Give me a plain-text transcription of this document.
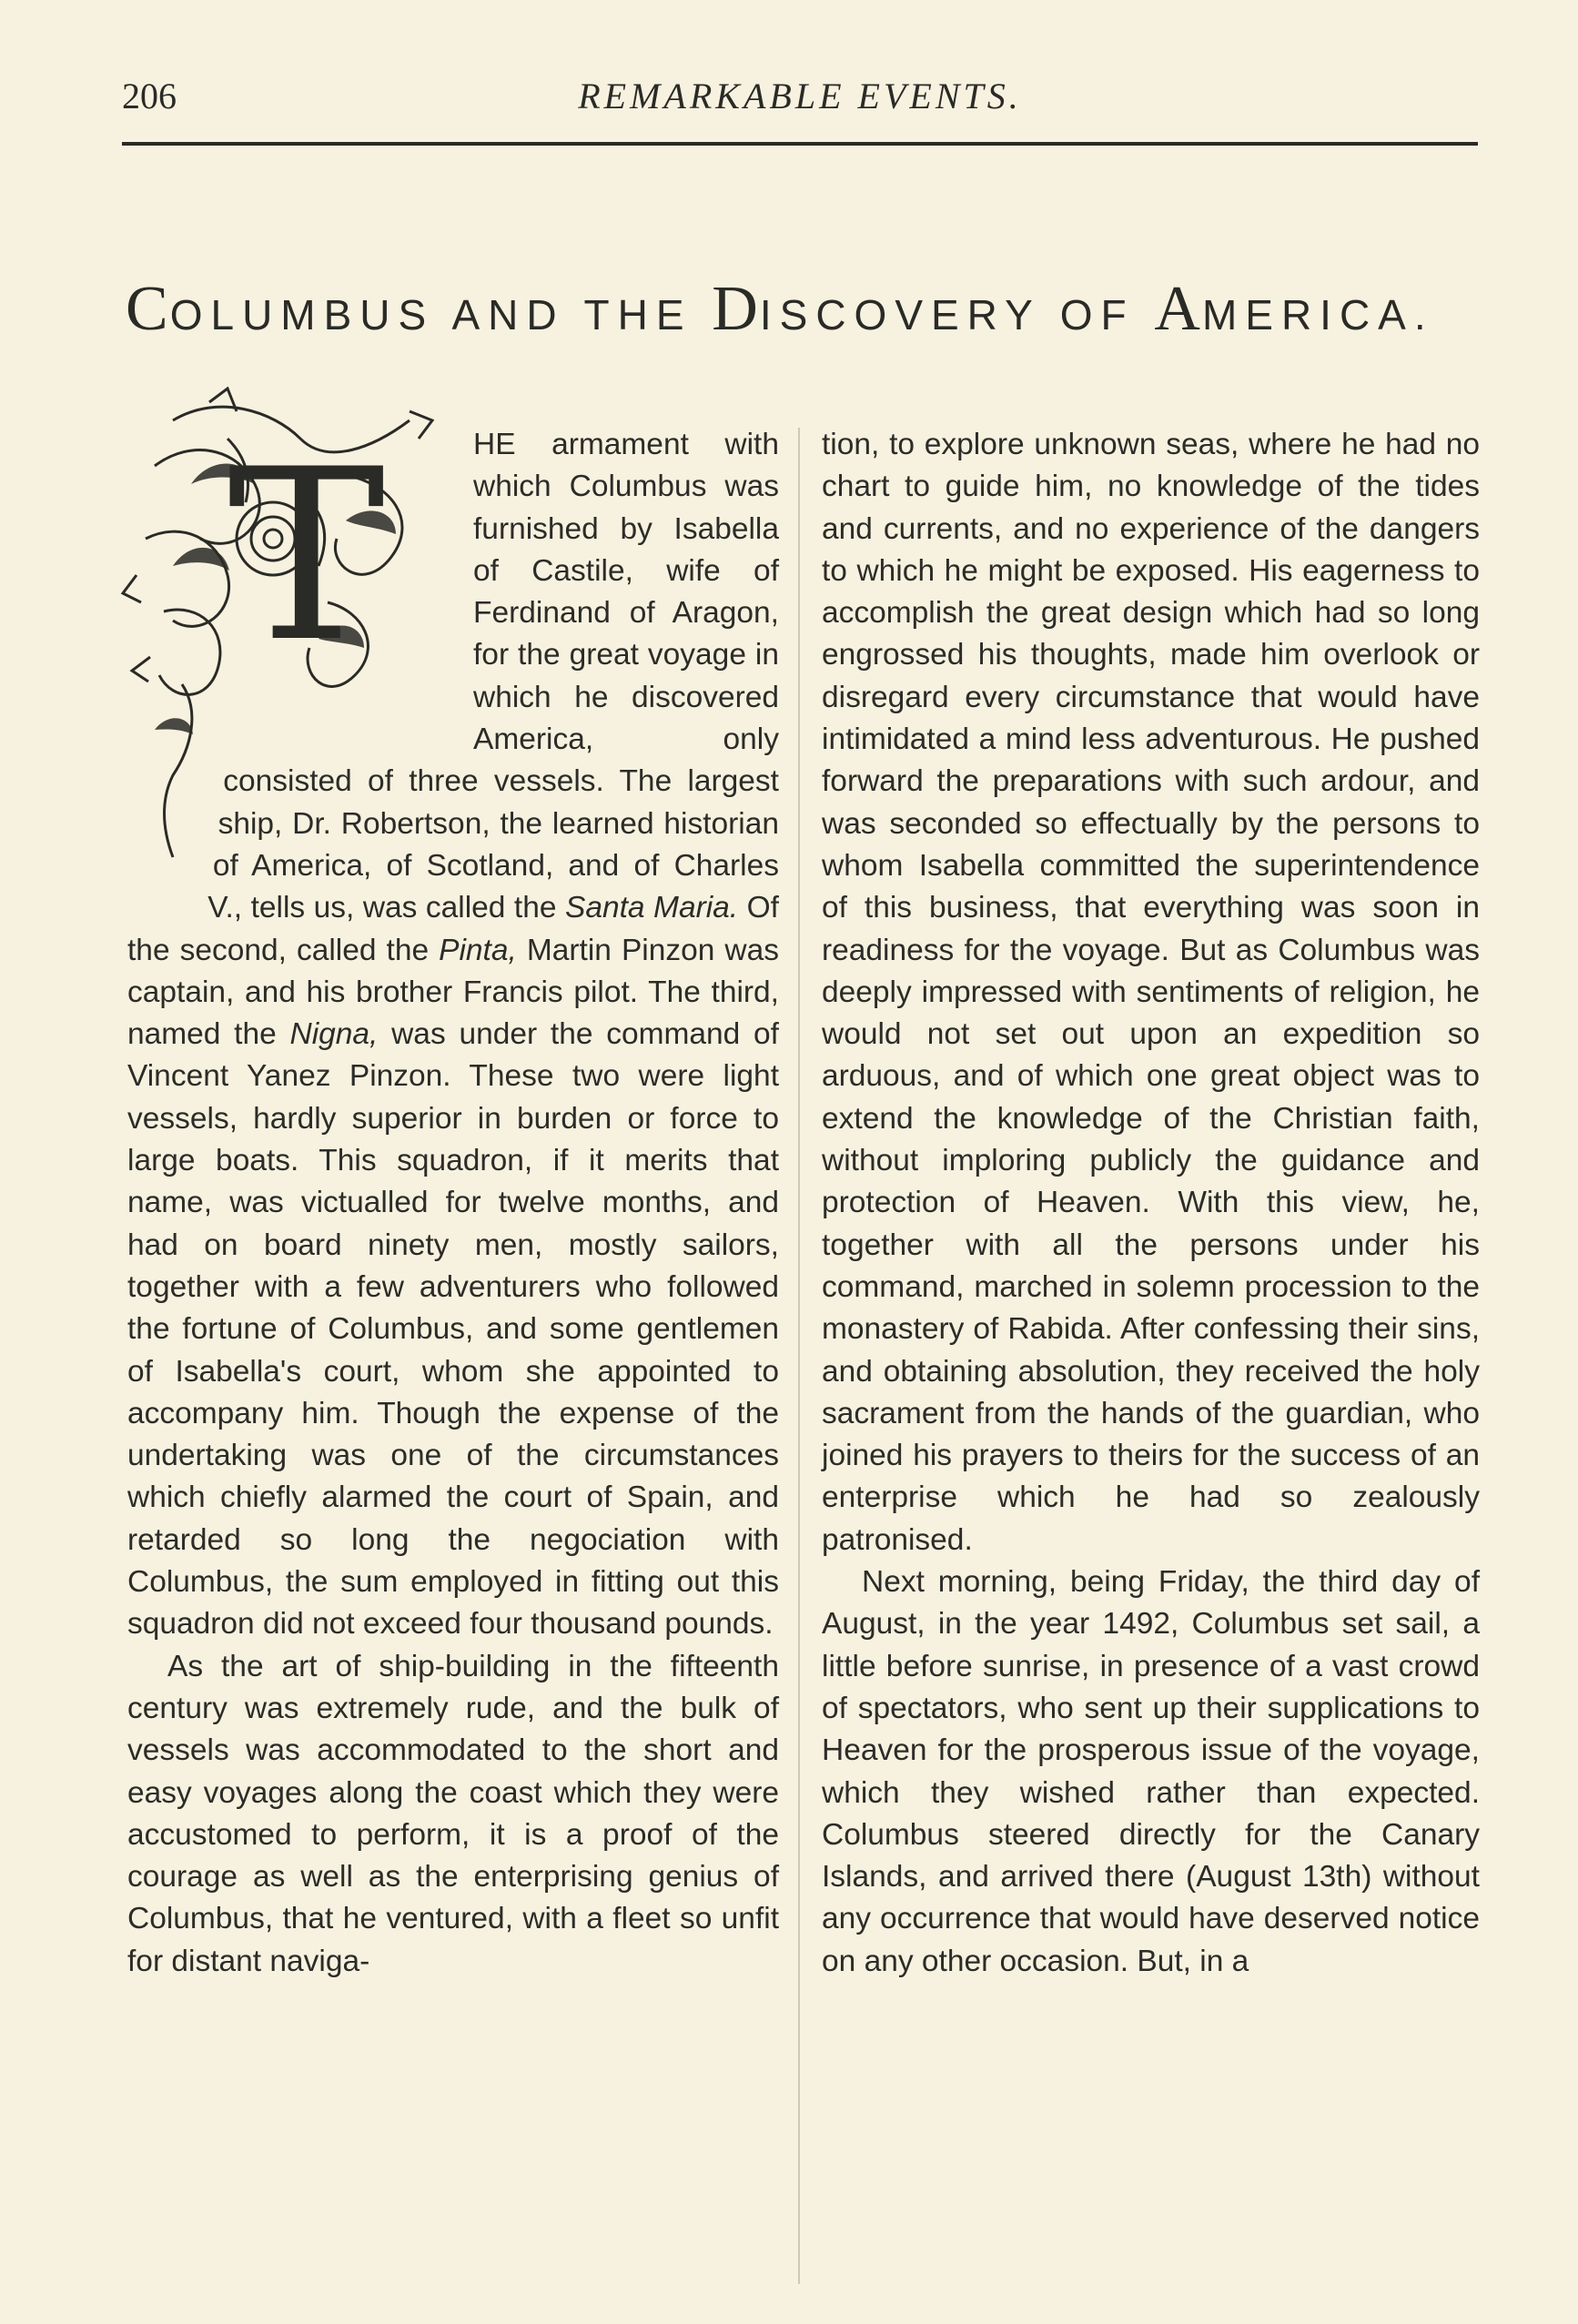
206	REMARKABLE EVENTS.
COLUMBUS AND THE DISCOVERY OF AMERICA.
T	HE armament with which Columbus was furnished by Isabella of Castile, wife of Ferdinand of Aragon, for the great voyage in which he discovered America, only consisted of three vessels. The largest ship, Dr. Robertson, the learned historian of America, of Scotland, and of Charles V., tells us, was called the Santa Maria. Of the second, called the Pinta, Martin Pinzon was captain, and his brother Francis pilot. The third, named the Nigna, was under the command of Vincent Yanez Pinzon. These two were light vessels, hardly superior in burden or force to large boats. This squadron, if it merits that name, was victualled for twelve months, and had on board ninety men, mostly sailors, together with a few adventurers who followed the fortune of Columbus, and some gentlemen of Isabella's court, whom she appointed to accompany him. Though the expense of the undertaking was one of the circumstances which chiefly alarmed the court of Spain, and retarded so long the negociation with Columbus, the sum employed in fitting out this squadron did not exceed four thousand pounds.

As the art of ship-building in the fifteenth century was extremely rude, and the bulk of vessels was accommodated to the short and easy voyages along the coast which they were accustomed to perform, it is a proof of the courage as well as the enterprising genius of Columbus, that he ventured, with a fleet so unfit for distant naviga-

tion, to explore unknown seas, where he had no chart to guide him, no knowledge of the tides and currents, and no experience of the dangers to which he might be exposed. His eagerness to accomplish the great design which had so long engrossed his thoughts, made him overlook or disregard every circumstance that would have intimidated a mind less adventurous. He pushed forward the preparations with such ardour, and was seconded so effectually by the persons to whom Isabella committed the superintendence of this business, that everything was soon in readiness for the voyage. But as Columbus was deeply impressed with sentiments of religion, he would not set out upon an expedition so arduous, and of which one great object was to extend the knowledge of the Christian faith, without imploring publicly the guidance and protection of Heaven. With this view, he, together with all the persons under his command, marched in solemn procession to the monastery of Rabida. After confessing their sins, and obtaining absolution, they received the holy sacrament from the hands of the guardian, who joined his prayers to theirs for the success of an enterprise which he had so zealously patronised.

Next morning, being Friday, the third day of August, in the year 1492, Columbus set sail, a little before sunrise, in presence of a vast crowd of spectators, who sent up their supplications to Heaven for the prosperous issue of the voyage, which they wished rather than expected. Columbus steered directly for the Canary Islands, and arrived there (August 13th) without any occurrence that would have deserved notice on any other occasion. But, in a
